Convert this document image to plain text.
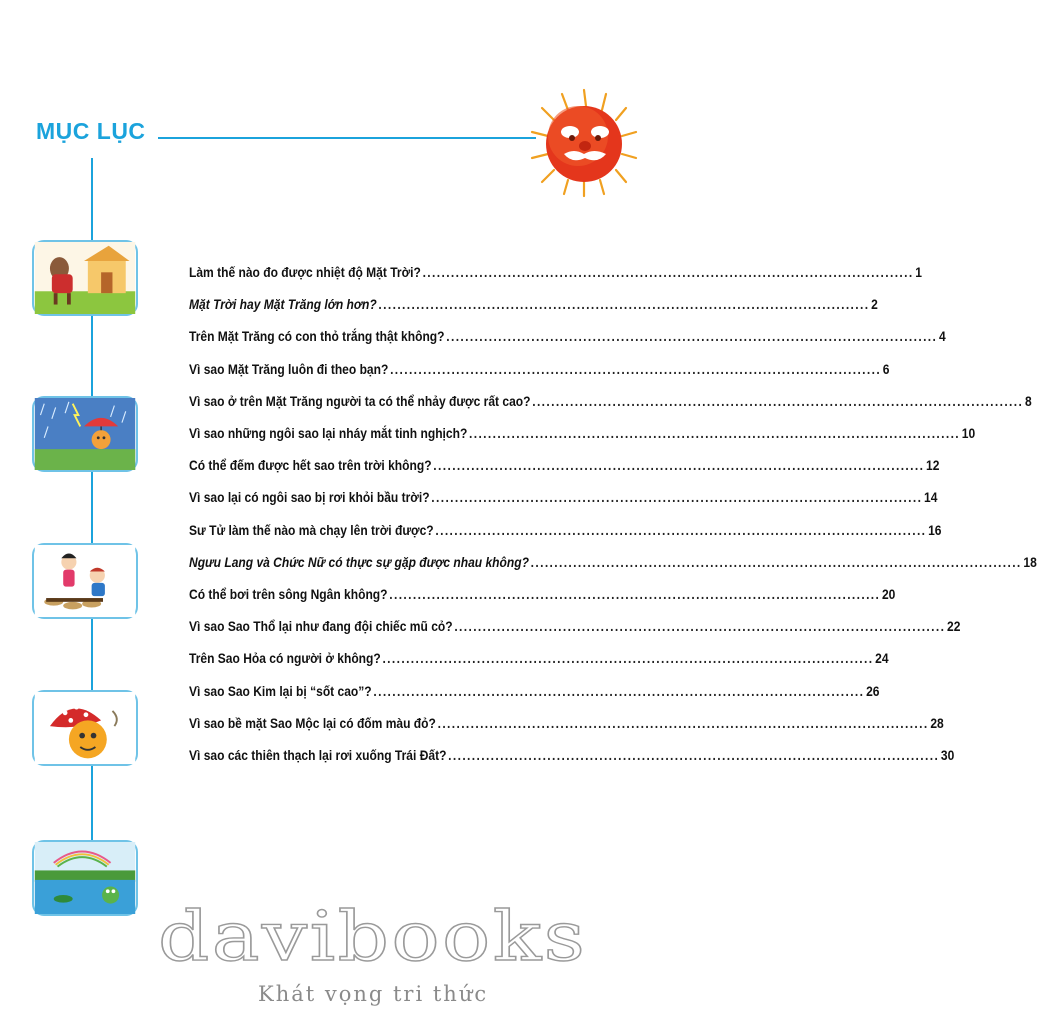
MỤC LỤC
Làm thế nào đo được nhiệt độ Mặt Trời? ........................................................................................................ 1
Mặt Trời hay Mặt Trăng lớn hơn? ........................................................................................................ 2
Trên Mặt Trăng có con thỏ trắng thật không? ........................................................................................................ 4
Vì sao Mặt Trăng luôn đi theo bạn? ........................................................................................................ 6
Vì sao ở trên Mặt Trăng người ta có thể nhảy được rất cao? ........................................................................................................ 8
Vì sao những ngôi sao lại nháy mắt tinh nghịch? ........................................................................................................ 10
Có thể đếm được hết sao trên trời không? ........................................................................................................ 12
Vì sao lại có ngôi sao bị rơi khỏi bầu trời? ........................................................................................................ 14
Sư Tử làm thế nào mà chạy lên trời được? ........................................................................................................ 16
Ngưu Lang và Chức Nữ có thực sự gặp được nhau không? ........................................................................................................ 18
Có thể bơi trên sông Ngân không? ........................................................................................................ 20
Vì sao Sao Thổ lại như đang đội chiếc mũ cỏ? ........................................................................................................ 22
Trên Sao Hỏa có người ở không? ........................................................................................................ 24
Vì sao Sao Kim lại bị “sốt cao”? ........................................................................................................ 26
Vì sao bề mặt Sao Mộc lại có đốm màu đỏ? ........................................................................................................ 28
Vì sao các thiên thạch lại rơi xuống Trái Đất? ........................................................................................................ 30
davibooks
Khát vọng tri thức
